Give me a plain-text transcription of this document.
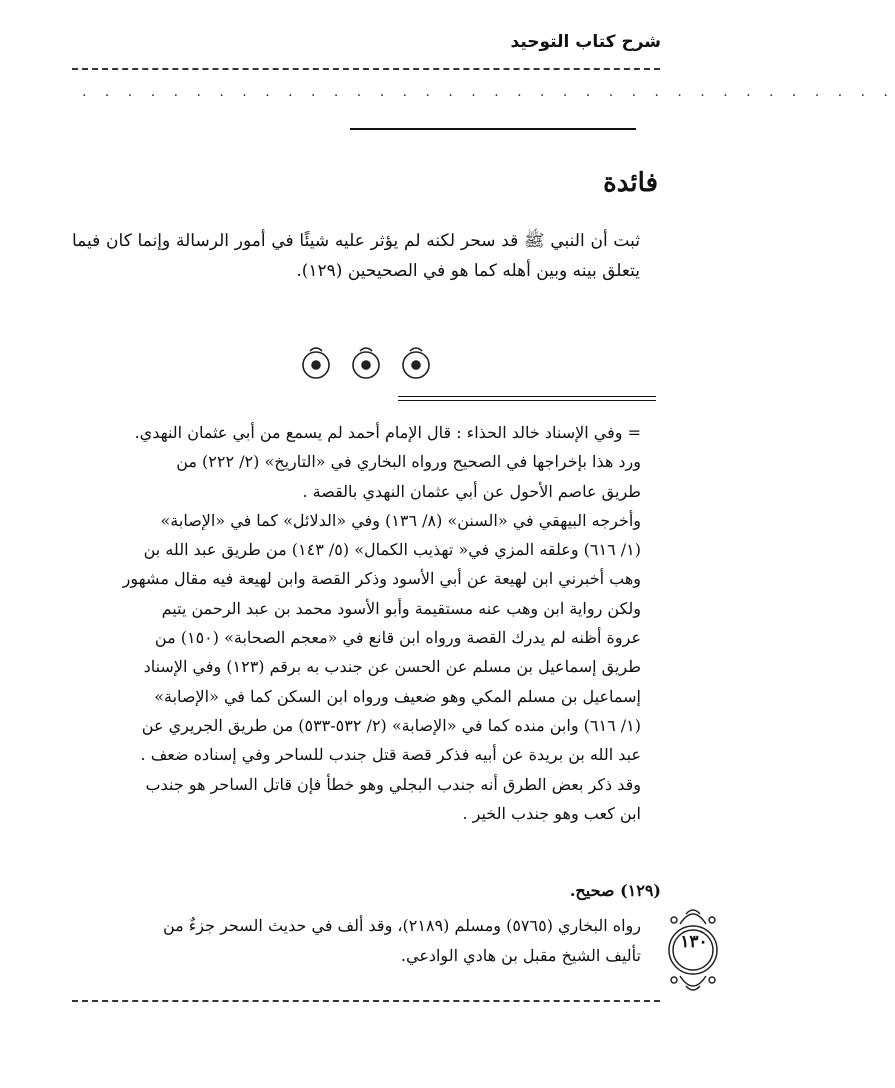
شرح كتاب التوحيد
· · · · · · · · · · · · · · · · · · · · · · · · · · · · · · · · · · · ·
فائدة
ثبت أن النبي ﷺ قد سحر لكنه لم يؤثر عليه شيئًا في أمور الرسالة وإنما كان فيما يتعلق بينه وبين أهله كما هو في الصحيحين (١٢٩).
= وفي الإسناد خالد الحذاء : قال الإمام أحمد لم يسمع من أبي عثمان النهدي.
ورد هذا بإخراجها في الصحيح ورواه البخاري في «التاريخ» (٢/ ٢٢٢) من
طريق عاصم الأحول عن أبي عثمان النهدي بالقصة .
وأخرجه البيهقي في «السنن» (٨/ ١٣٦) وفي «الدلائل» كما في «الإصابة»
(١/ ٦١٦) وعلقه المزي في« تهذيب الكمال» (٥/ ١٤٣) من طريق عبد الله بن
وهب أخبرني ابن لهيعة عن أبي الأسود وذكر القصة وابن لهيعة فيه مقال مشهور
ولكن رواية ابن وهب عنه مستقيمة وأبو الأسود محمد بن عبد الرحمن يتيم
عروة أظنه لم يدرك القصة ورواه ابن قانع في «معجم الصحابة» (١٥٠) من
طريق إسماعيل بن مسلم عن الحسن عن جندب به برقم (١٢٣) وفي الإسناد
إسماعيل بن مسلم المكي وهو ضعيف ورواه ابن السكن كما في «الإصابة»
(١/ ٦١٦) وابن منده كما في «الإصابة» (٢/ ٥٣٢-٥٣٣) من طريق الجريري عن
عبد الله بن بريدة عن أبيه فذكر قصة قتل جندب للساحر وفي إسناده ضعف .
وقد ذكر بعض الطرق أنه جندب البجلي وهو خطأ فإن قاتل الساحر هو جندب
ابن كعب وهو جندب الخير .
(١٢٩) صحيح.
رواه البخاري (٥٧٦٥) ومسلم (٢١٨٩)، وقد ألف في حديث السحر جزءٌ من
تأليف الشيخ مقبل بن هادي الوادعي.
١٣٠
